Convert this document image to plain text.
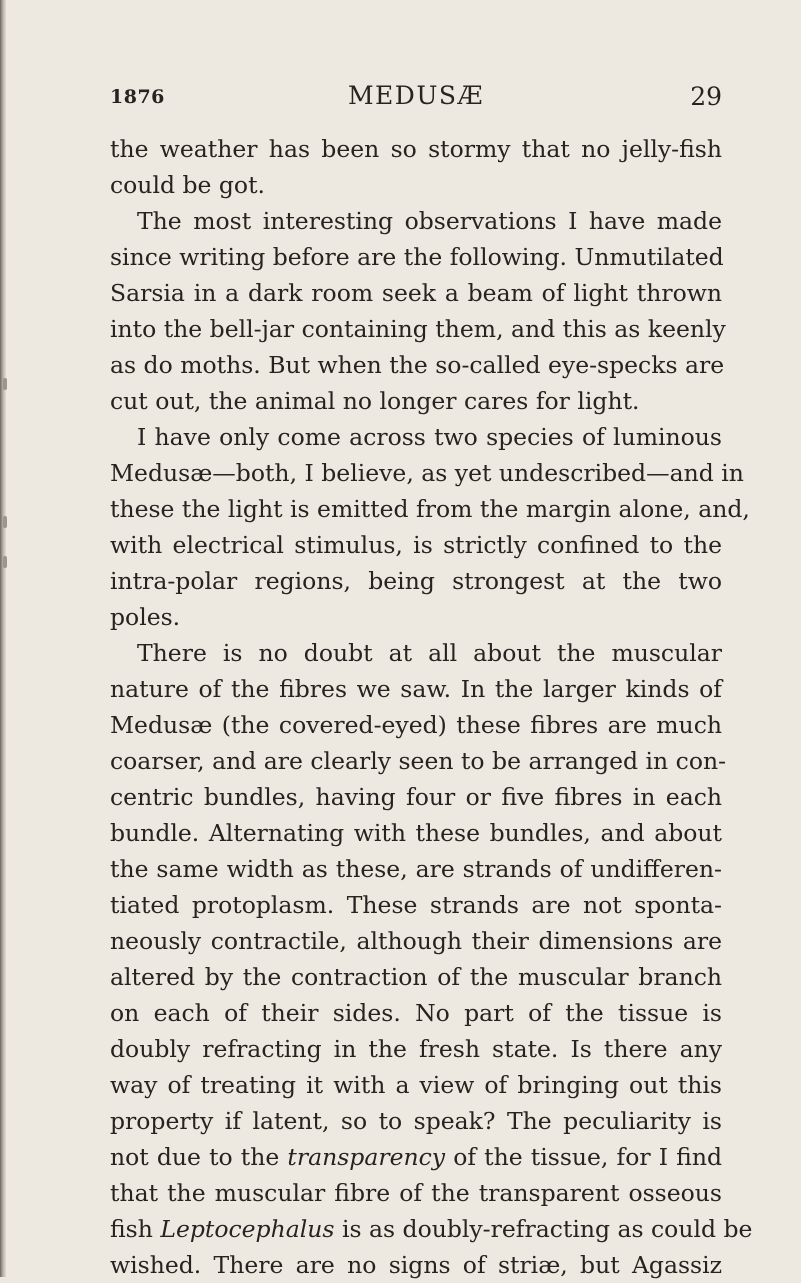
1876	MEDUSÆ	29
the weather has been so stormy that no jelly-fish
could be got.
The most interesting observations I have made
since writing before are the following. Unmutilated
Sarsia in a dark room seek a beam of light thrown
into the bell-jar containing them, and this as keenly
as do moths. But when the so-called eye-specks are
cut out, the animal no longer cares for light.
I have only come across two species of luminous
Medusæ—both, I believe, as yet undescribed—and in
these the light is emitted from the margin alone, and,
with electrical stimulus, is strictly confined to the
intra-polar regions, being strongest at the two
poles.
There is no doubt at all about the muscular
nature of the fibres we saw. In the larger kinds of
Medusæ (the covered-eyed) these fibres are much
coarser, and are clearly seen to be arranged in con-
centric bundles, having four or five fibres in each
bundle. Alternating with these bundles, and about
the same width as these, are strands of undifferen-
tiated protoplasm. These strands are not sponta-
neously contractile, although their dimensions are
altered by the contraction of the muscular branch
on each of their sides. No part of the tissue is
doubly refracting in the fresh state. Is there any
way of treating it with a view of bringing out this
property if latent, so to speak? The peculiarity is
not due to the transparency of the tissue, for I find
that the muscular fibre of the transparent osseous
fish Leptocephalus is as doubly-refracting as could be
wished. There are no signs of striæ, but Agassiz
